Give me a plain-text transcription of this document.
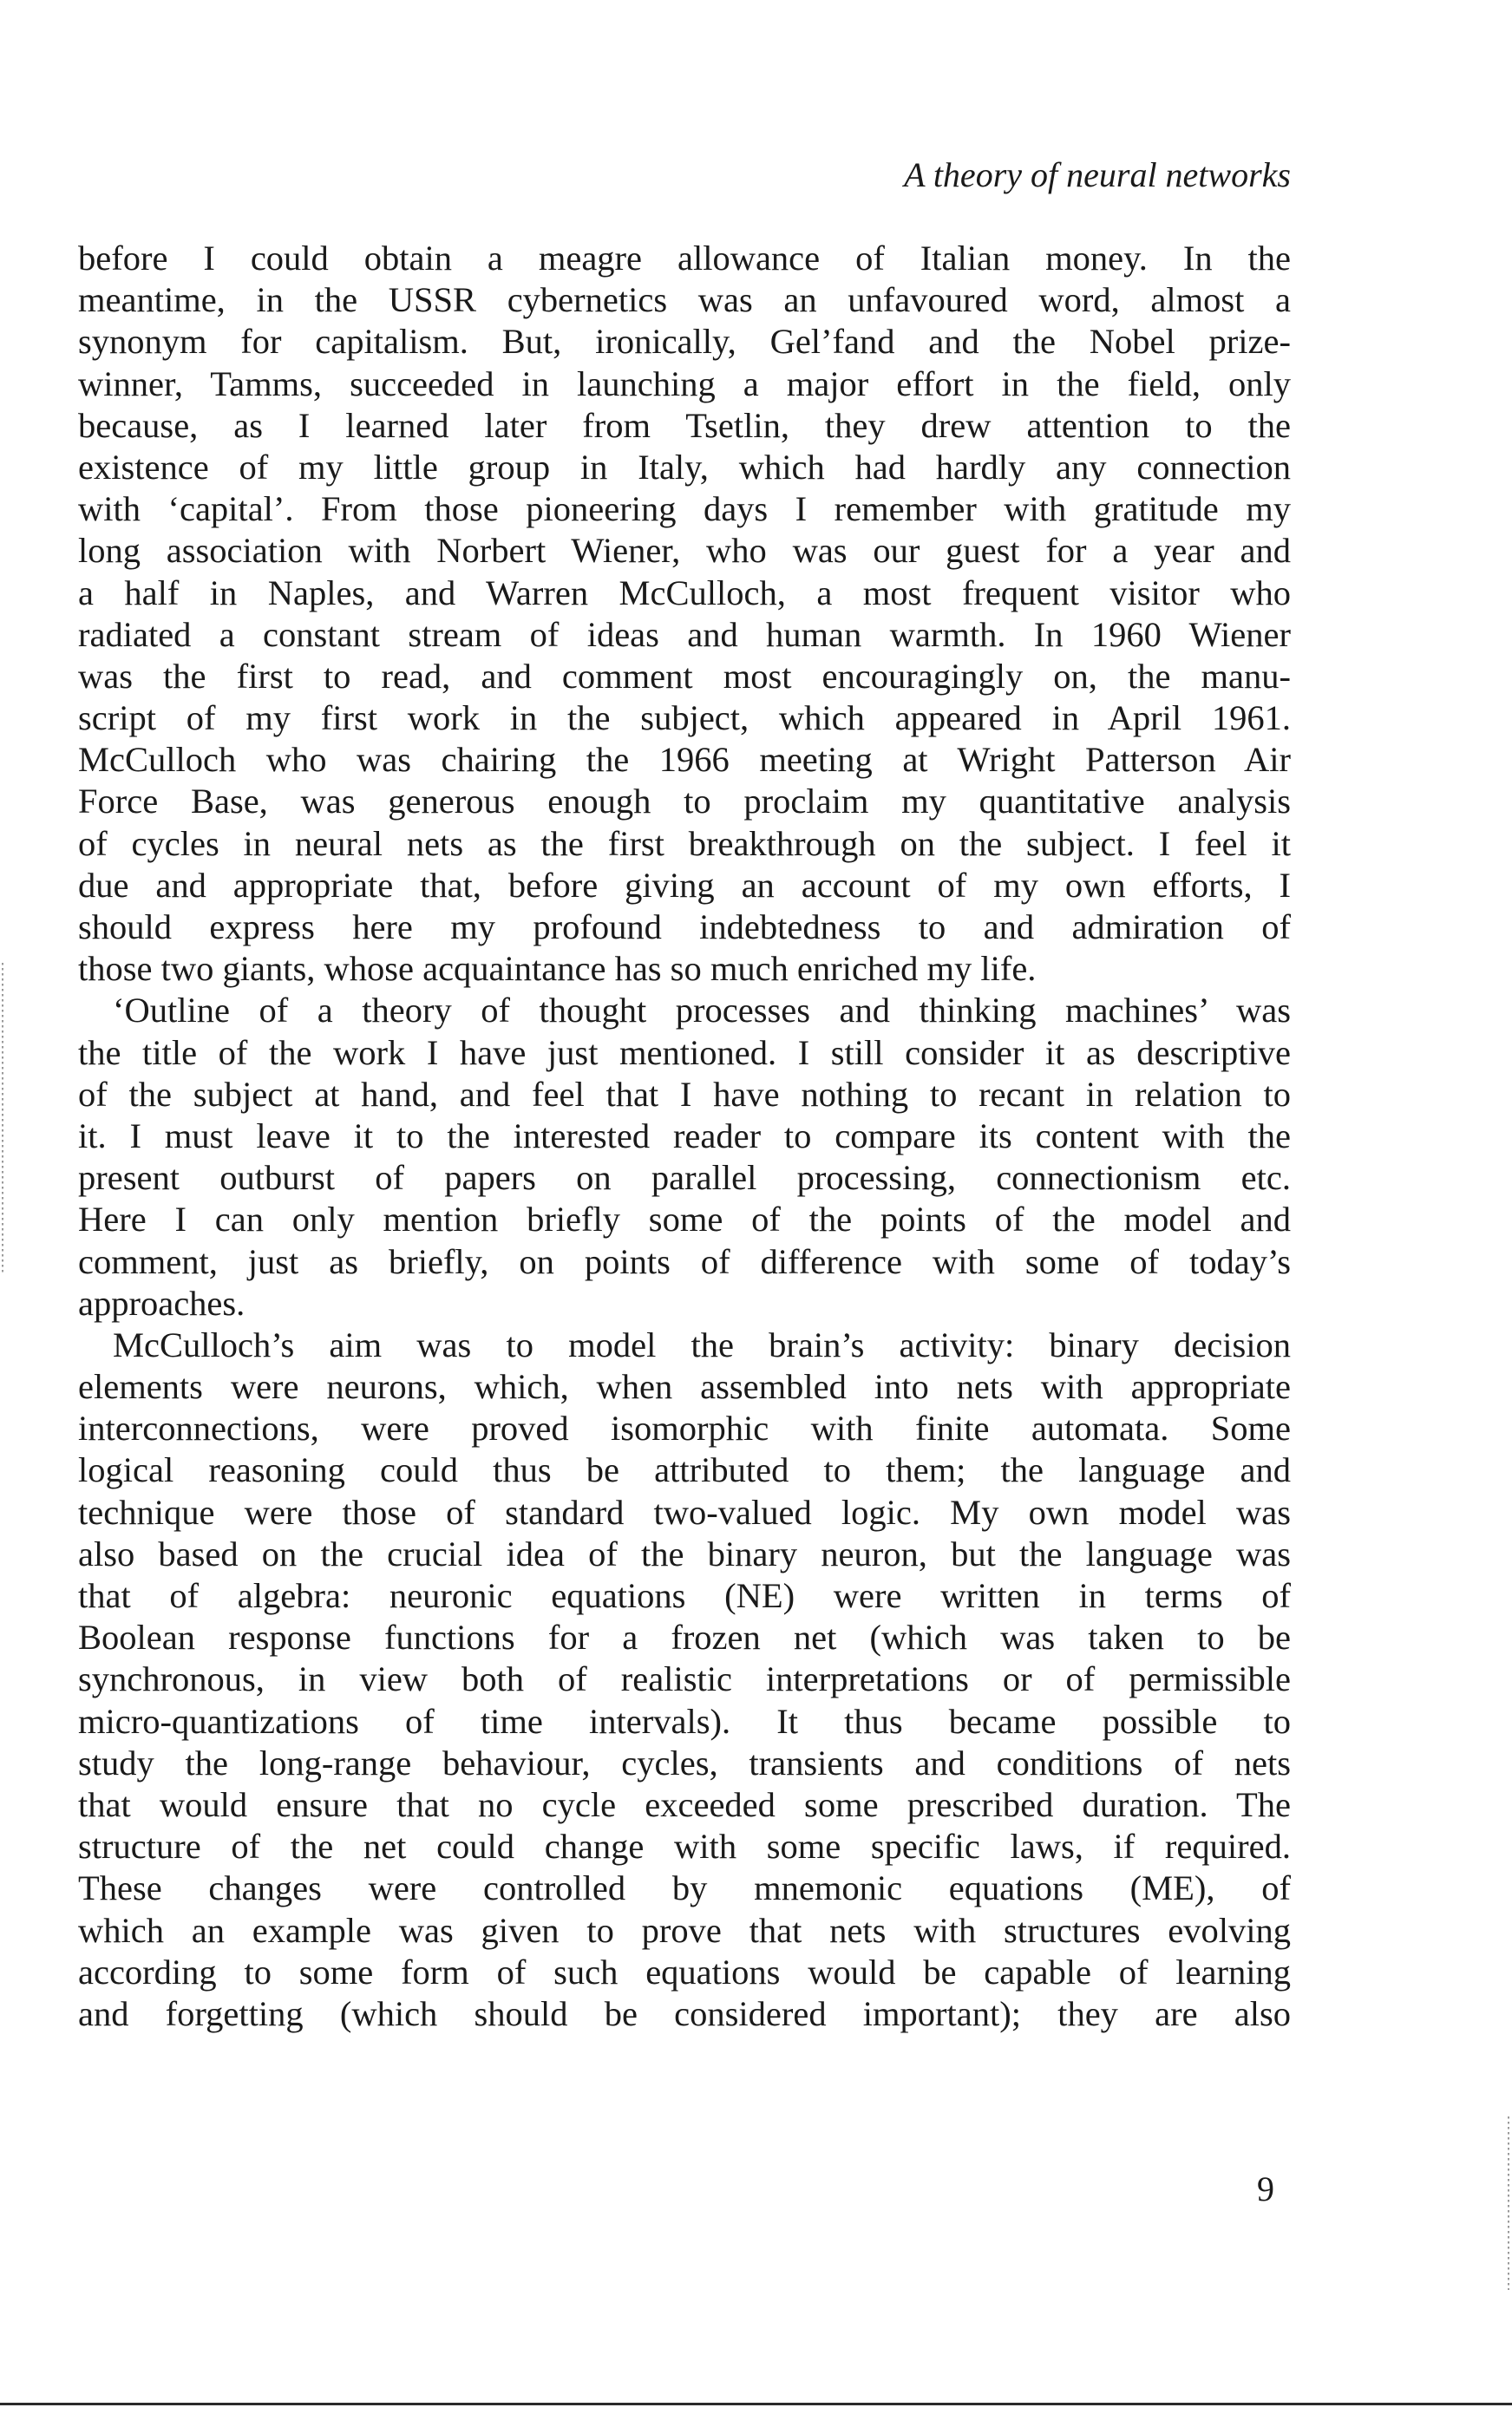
A theory of neural networks
before I could obtain a meagre allowance of Italian money. In the
meantime, in the USSR cybernetics was an unfavoured word, almost a
synonym for capitalism. But, ironically, Gel’fand and the Nobel prize-
winner, Tamms, succeeded in launching a major effort in the field, only
because, as I learned later from Tsetlin, they drew attention to the
existence of my little group in Italy, which had hardly any connection
with ‘capital’. From those pioneering days I remember with gratitude my
long association with Norbert Wiener, who was our guest for a year and
a half in Naples, and Warren McCulloch, a most frequent visitor who
radiated a constant stream of ideas and human warmth. In 1960 Wiener
was the first to read, and comment most encouragingly on, the manu-
script of my first work in the subject, which appeared in April 1961.
McCulloch who was chairing the 1966 meeting at Wright Patterson Air
Force Base, was generous enough to proclaim my quantitative analysis
of cycles in neural nets as the first breakthrough on the subject. I feel it
due and appropriate that, before giving an account of my own efforts, I
should express here my profound indebtedness to and admiration of
those two giants, whose acquaintance has so much enriched my life.
‘Outline of a theory of thought processes and thinking machines’ was
the title of the work I have just mentioned. I still consider it as descriptive
of the subject at hand, and feel that I have nothing to recant in relation to
it. I must leave it to the interested reader to compare its content with the
present outburst of papers on parallel processing, connectionism etc.
Here I can only mention briefly some of the points of the model and
comment, just as briefly, on points of difference with some of today’s
approaches.
McCulloch’s aim was to model the brain’s activity: binary decision
elements were neurons, which, when assembled into nets with appropriate
interconnections, were proved isomorphic with finite automata. Some
logical reasoning could thus be attributed to them; the language and
technique were those of standard two-valued logic. My own model was
also based on the crucial idea of the binary neuron, but the language was
that of algebra: neuronic equations (NE) were written in terms of
Boolean response functions for a frozen net (which was taken to be
synchronous, in view both of realistic interpretations or of permissible
micro-quantizations of time intervals). It thus became possible to
study the long-range behaviour, cycles, transients and conditions of nets
that would ensure that no cycle exceeded some prescribed duration. The
structure of the net could change with some specific laws, if required.
These changes were controlled by mnemonic equations (ME), of
which an example was given to prove that nets with structures evolving
according to some form of such equations would be capable of learning
and forgetting (which should be considered important); they are also
9
